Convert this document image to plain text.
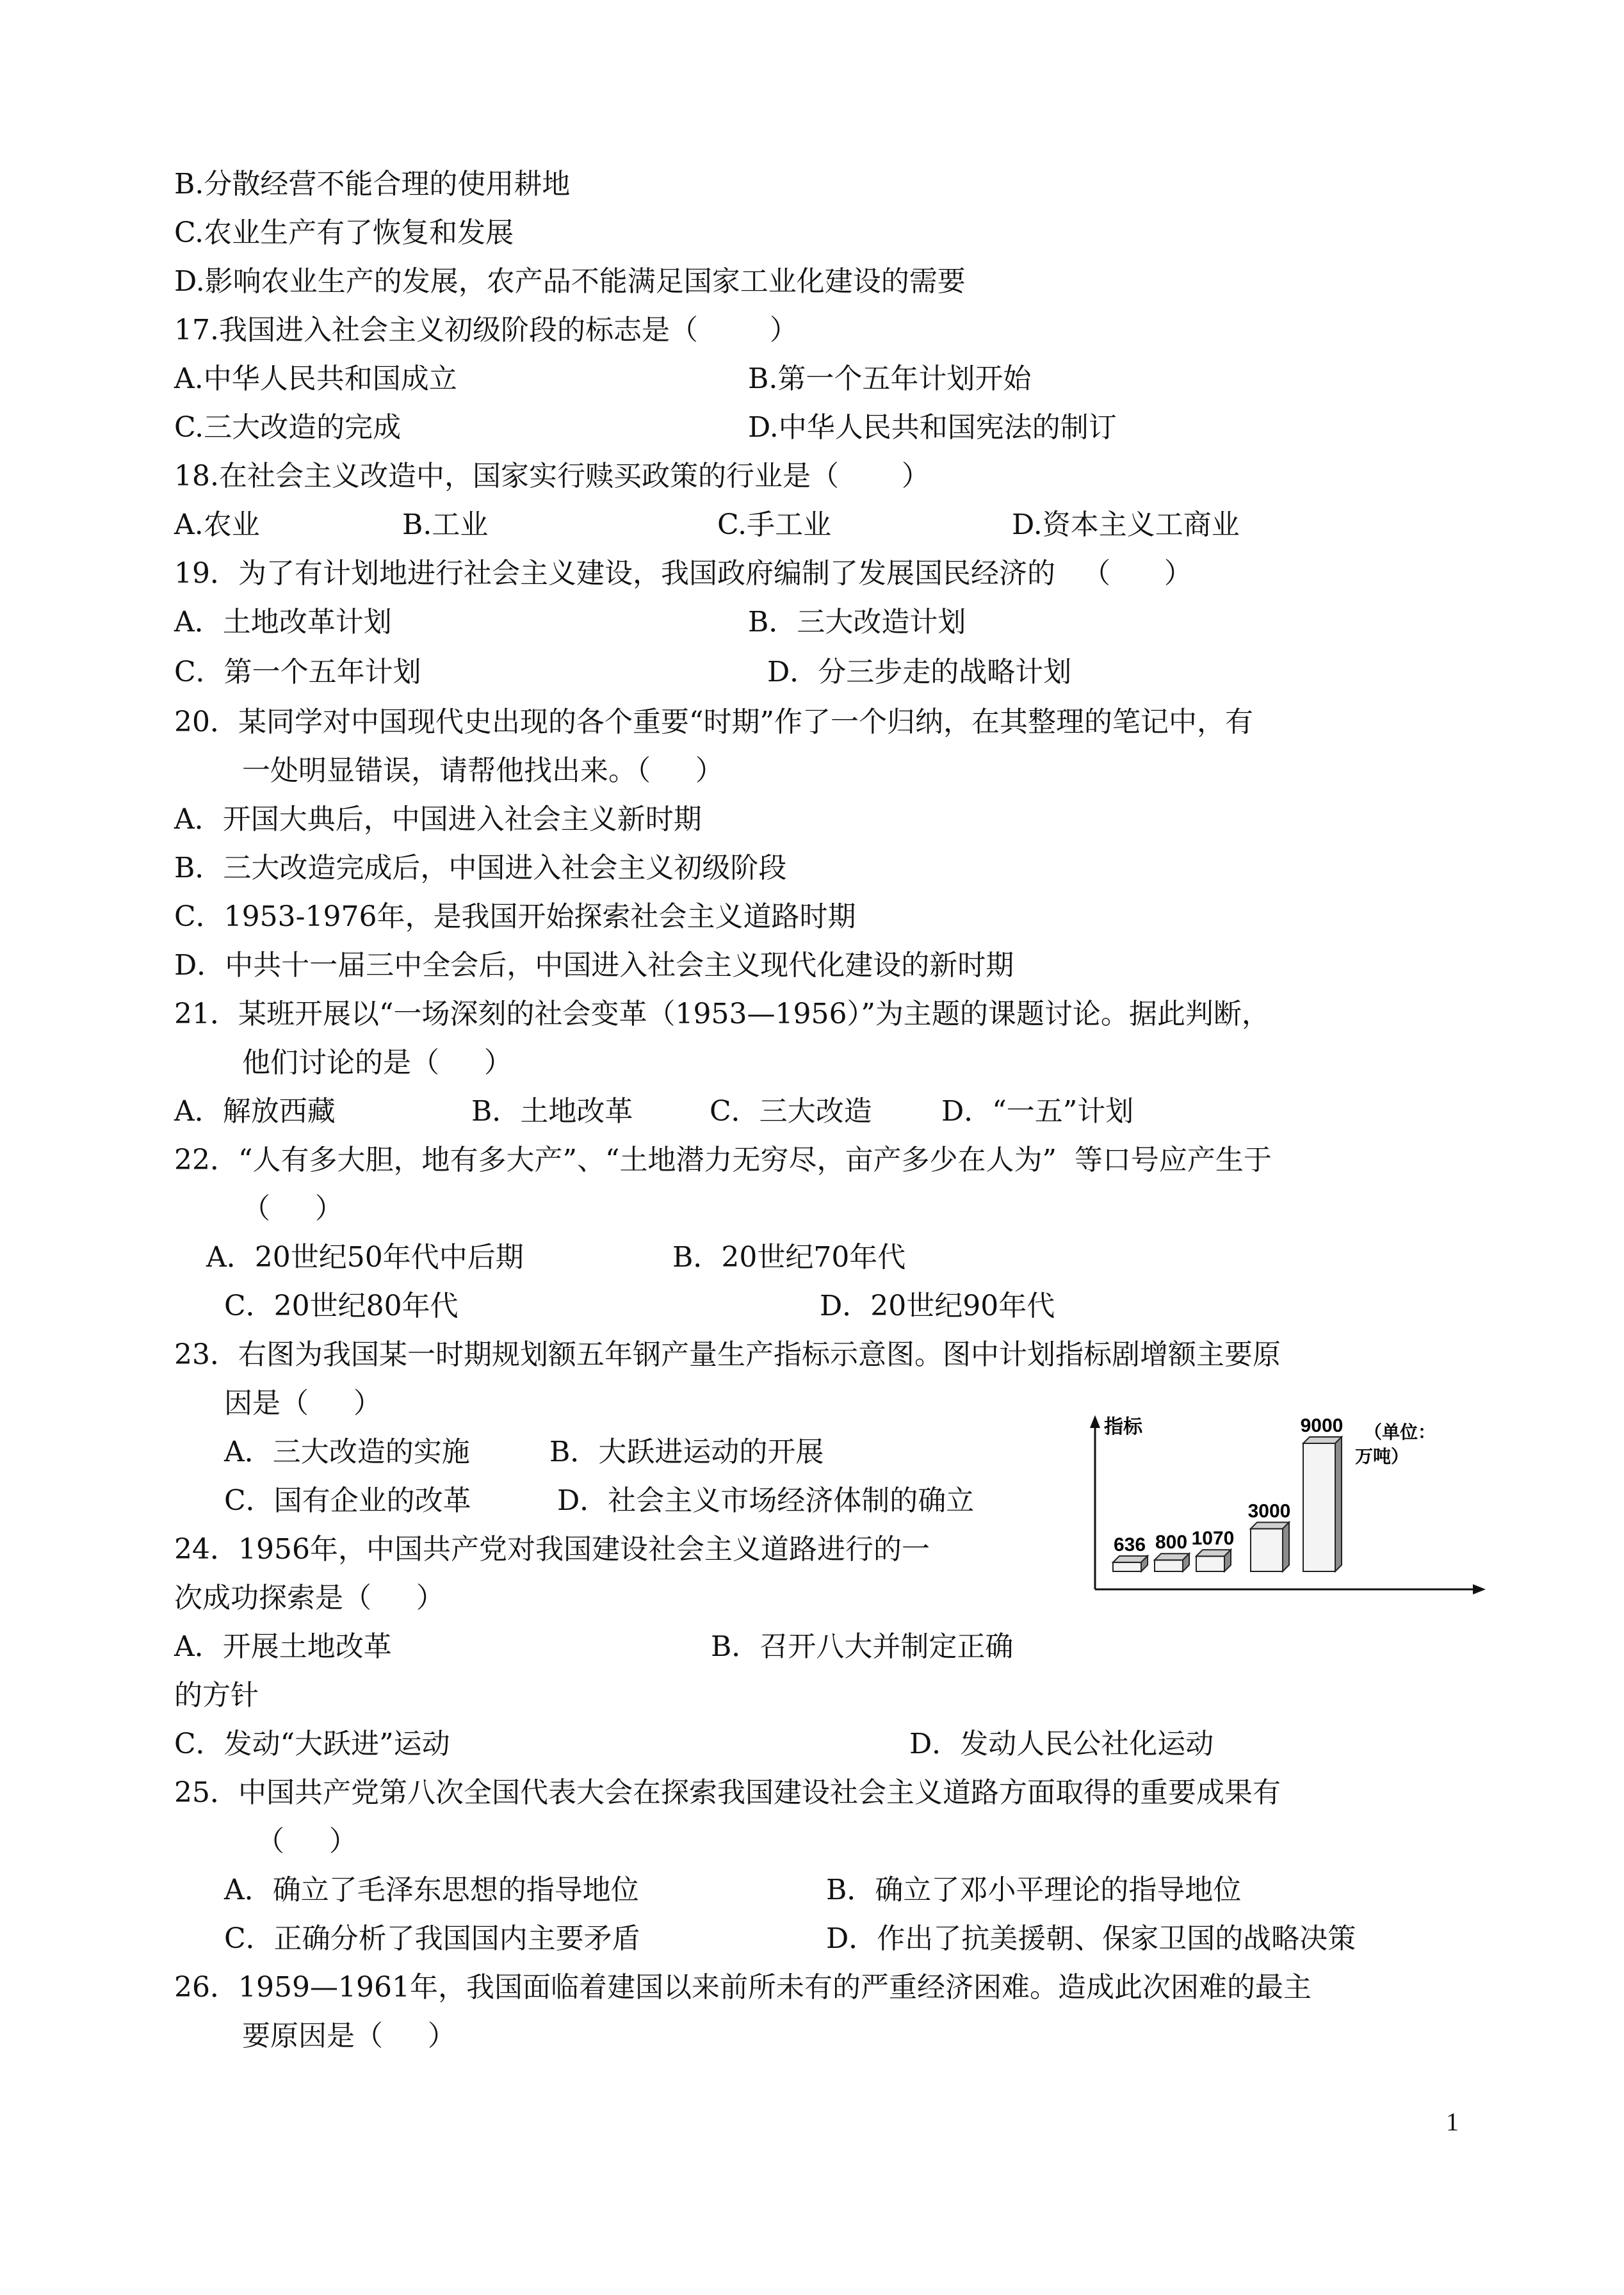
B.分散经营不能合理的使用耕地
C.农业生产有了恢复和发展
D.影响农业生产的发展，农产品不能满足国家工业化建设的需要
17.我国进入社会主义初级阶段的标志是（        ）
A.中华人民共和国成立	B.第一个五年计划开始
C.三大改造的完成	D.中华人民共和国宪法的制订
18.在社会主义改造中，国家实行赎买政策的行业是（       ）
A.农业	B.工业	C.手工业	D.资本主义工商业
19．为了有计划地进行社会主义建设，我国政府编制了发展国民经济的   （      ）
A．土地改革计划	B．三大改造计划
C．第一个五年计划	D．分三步走的战略计划
20．某同学对中国现代史出现的各个重要“时期”作了一个归纳，在其整理的笔记中，有
一处明显错误，请帮他找出来。（     ）
A．开国大典后，中国进入社会主义新时期
B．三大改造完成后，中国进入社会主义初级阶段
C．1953-1976年，是我国开始探索社会主义道路时期
D．中共十一届三中全会后，中国进入社会主义现代化建设的新时期
21．某班开展以“一场深刻的社会变革（1953—1956）”为主题的课题讨论。据此判断，
他们讨论的是（     ）
A．解放西藏	B．土地改革	C．三大改造 D．“一五”计划
22．“人有多大胆，地有多大产”、“土地潜力无穷尽，亩产多少在人为”  等口号应产生于
（     ）
A．20世纪50年代中后期	B．20世纪70年代
C．20世纪80年代	D．20世纪90年代
23．右图为我国某一时期规划额五年钢产量生产指标示意图。图中计划指标剧增额主要原
因是（     ）
A．三大改造的实施	B．大跃进运动的开展
C．国有企业的改革	D．社会主义市场经济体制的确立
24．1956年，中国共产党对我国建设社会主义道路进行的一
次成功探索是（     ）
A．开展土地改革	B．召开八大并制定正确
的方针
C．发动“大跃进”运动	D．发动人民公社化运动
25．中国共产党第八次全国代表大会在探索我国建设社会主义道路方面取得的重要成果有
（     ）
A．确立了毛泽东思想的指导地位	B．确立了邓小平理论的指导地位
C．正确分析了我国国内主要矛盾	D．作出了抗美援朝、保家卫国的战略决策
26．1959—1961年，我国面临着建国以来前所未有的严重经济困难。造成此次困难的最主
要原因是（     ）
指标	（单位：
万吨）
636 800 1070
3000
9000
1
